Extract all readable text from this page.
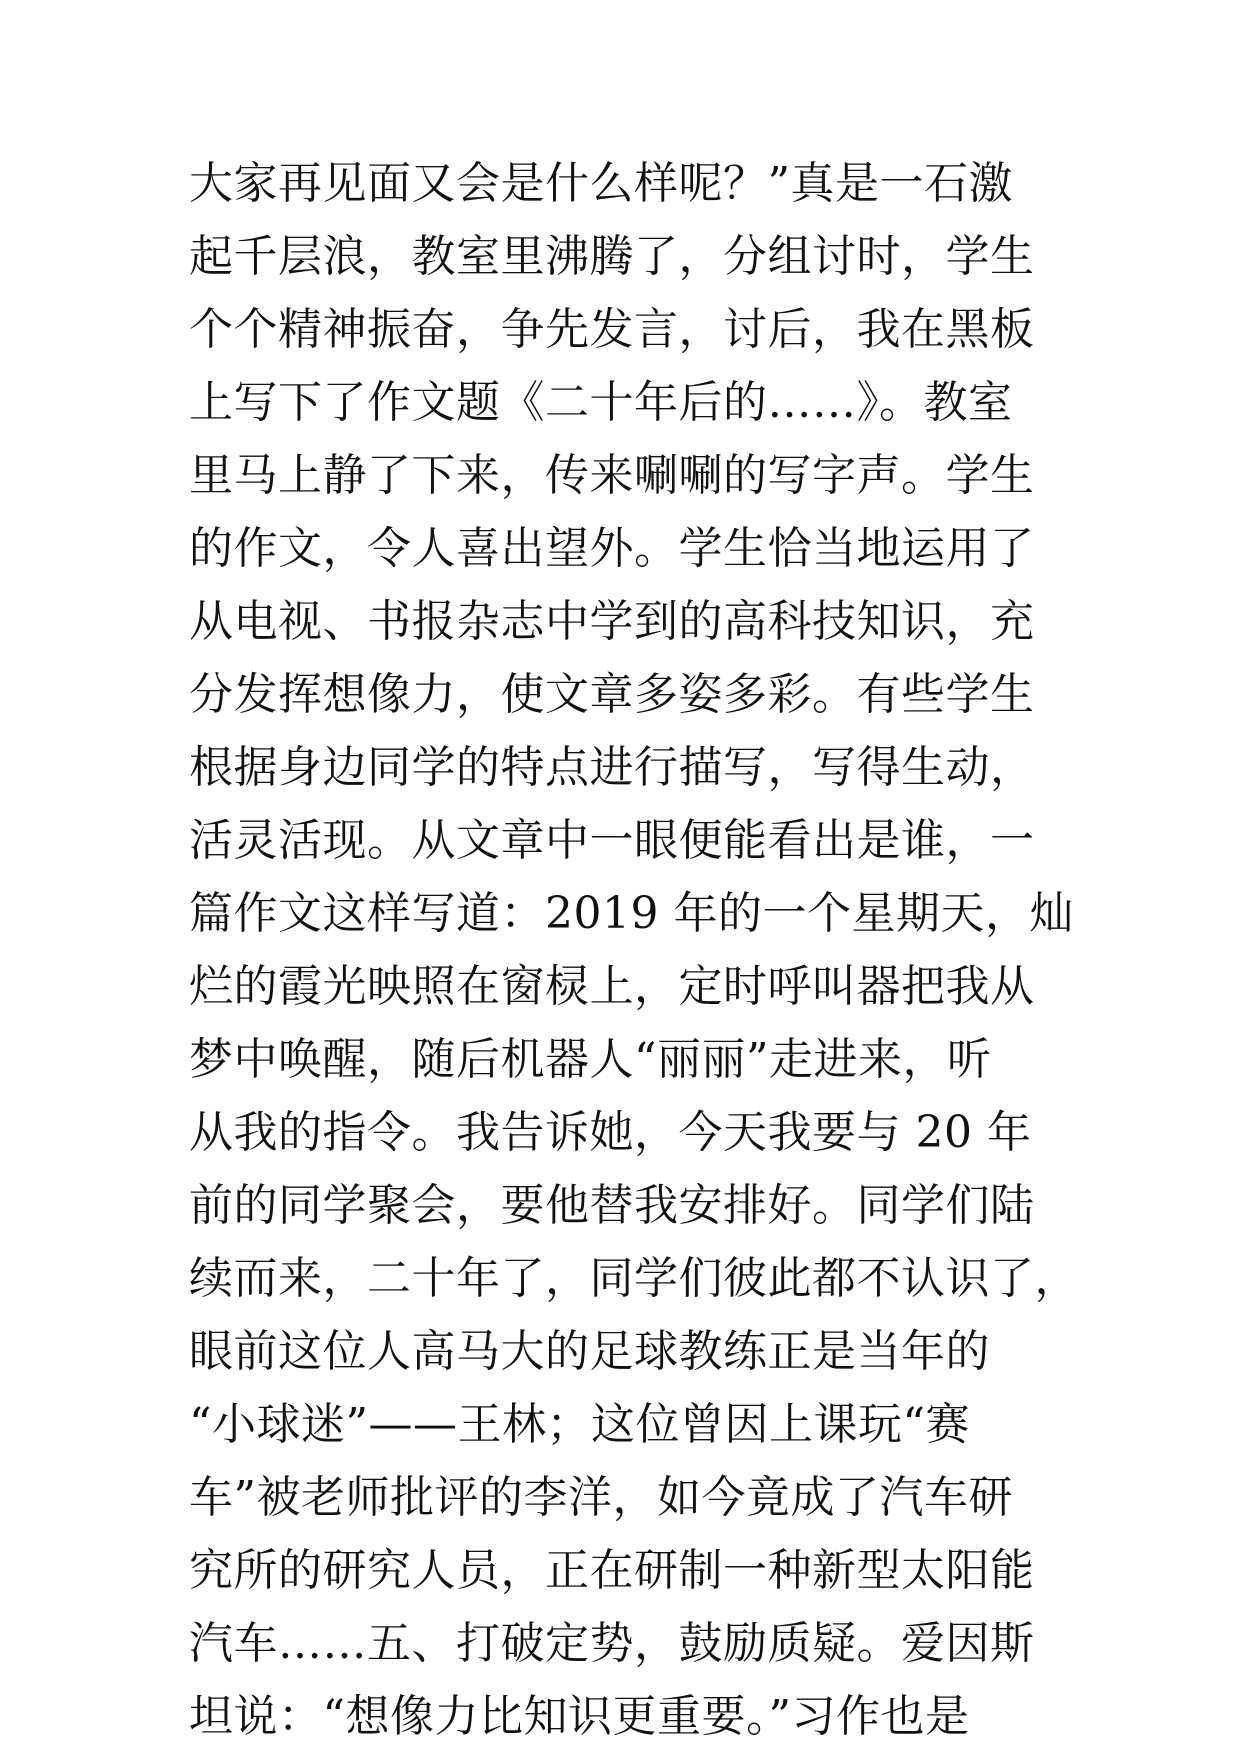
大家再见面又会是什么样呢？”真是一石激
起千层浪，教室里沸腾了，分组讨时，学生
个个精神振奋，争先发言，讨后，我在黑板
上写下了作文题《二十年后的……》。教室
里马上静了下来，传来唰唰的写字声。学生
的作文，令人喜出望外。学生恰当地运用了
从电视、书报杂志中学到的高科技知识，充
分发挥想像力，使文章多姿多彩。有些学生
根据身边同学的特点进行描写，写得生动，
活灵活现。从文章中一眼便能看出是谁，一
篇作文这样写道：2019 年的一个星期天，灿
烂的霞光映照在窗棂上，定时呼叫器把我从
梦中唤醒，随后机器人“丽丽”走进来，听
从我的指令。我告诉她，今天我要与 20 年
前的同学聚会，要他替我安排好。同学们陆
续而来，二十年了，同学们彼此都不认识了，
眼前这位人高马大的足球教练正是当年的
“小球迷”——王林；这位曾因上课玩“赛
车”被老师批评的李洋，如今竟成了汽车研
究所的研究人员，正在研制一种新型太阳能
汽车……五、打破定势，鼓励质疑。爱因斯
坦说：“想像力比知识更重要。”习作也是
